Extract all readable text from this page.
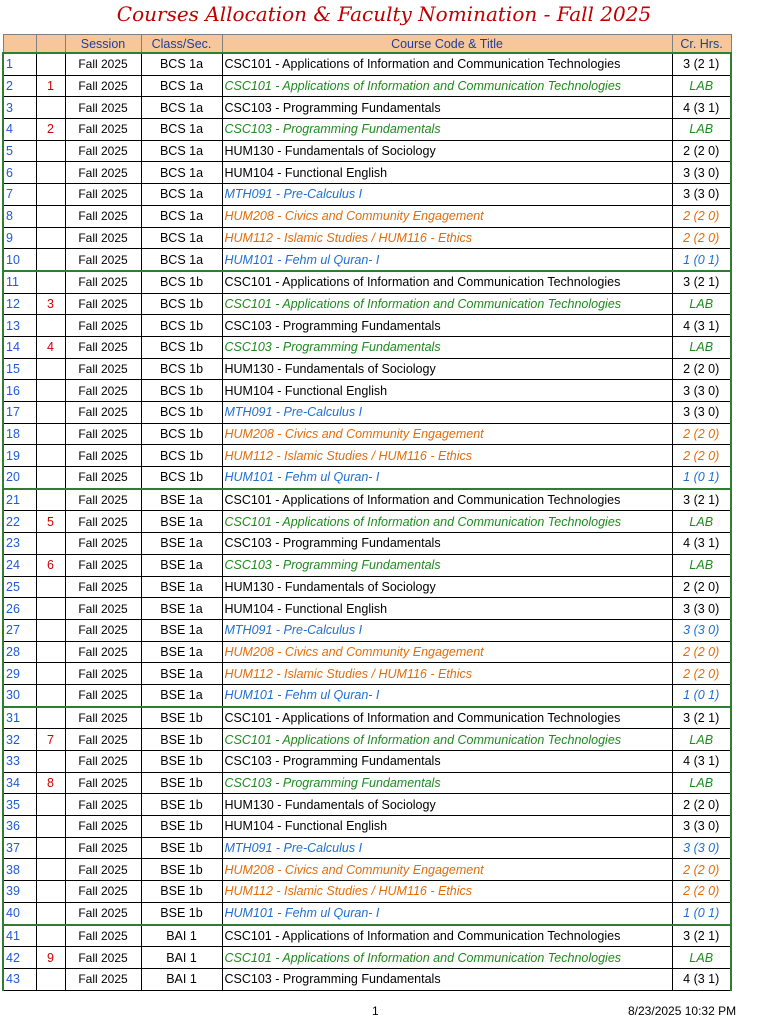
Courses Allocation & Faculty Nomination - Fall 2025
		Session	Class/Sec.	Course Code & Title	Cr. Hrs.
1		Fall 2025	BCS 1a	CSC101 - Applications of Information and Communication Technologies	3 (2 1)
2	1	Fall 2025	BCS 1a	CSC101 - Applications of Information and Communication Technologies	LAB
3		Fall 2025	BCS 1a	CSC103 - Programming Fundamentals	4 (3 1)
4	2	Fall 2025	BCS 1a	CSC103 - Programming Fundamentals	LAB
5		Fall 2025	BCS 1a	HUM130 - Fundamentals of Sociology	2 (2 0)
6		Fall 2025	BCS 1a	HUM104 - Functional English	3 (3 0)
7		Fall 2025	BCS 1a	MTH091 - Pre-Calculus I	3 (3 0)
8		Fall 2025	BCS 1a	HUM208 - Civics and Community Engagement	2 (2 0)
9		Fall 2025	BCS 1a	HUM112 - Islamic Studies / HUM116 - Ethics	2 (2 0)
10		Fall 2025	BCS 1a	HUM101 - Fehm ul Quran- I	1 (0 1)
11		Fall 2025	BCS 1b	CSC101 - Applications of Information and Communication Technologies	3 (2 1)
12	3	Fall 2025	BCS 1b	CSC101 - Applications of Information and Communication Technologies	LAB
13		Fall 2025	BCS 1b	CSC103 - Programming Fundamentals	4 (3 1)
14	4	Fall 2025	BCS 1b	CSC103 - Programming Fundamentals	LAB
15		Fall 2025	BCS 1b	HUM130 - Fundamentals of Sociology	2 (2 0)
16		Fall 2025	BCS 1b	HUM104 - Functional English	3 (3 0)
17		Fall 2025	BCS 1b	MTH091 - Pre-Calculus I	3 (3 0)
18		Fall 2025	BCS 1b	HUM208 - Civics and Community Engagement	2 (2 0)
19		Fall 2025	BCS 1b	HUM112 - Islamic Studies / HUM116 - Ethics	2 (2 0)
20		Fall 2025	BCS 1b	HUM101 - Fehm ul Quran- I	1 (0 1)
21		Fall 2025	BSE 1a	CSC101 - Applications of Information and Communication Technologies	3 (2 1)
22	5	Fall 2025	BSE 1a	CSC101 - Applications of Information and Communication Technologies	LAB
23		Fall 2025	BSE 1a	CSC103 - Programming Fundamentals	4 (3 1)
24	6	Fall 2025	BSE 1a	CSC103 - Programming Fundamentals	LAB
25		Fall 2025	BSE 1a	HUM130 - Fundamentals of Sociology	2 (2 0)
26		Fall 2025	BSE 1a	HUM104 - Functional English	3 (3 0)
27		Fall 2025	BSE 1a	MTH091 - Pre-Calculus I	3 (3 0)
28		Fall 2025	BSE 1a	HUM208 - Civics and Community Engagement	2 (2 0)
29		Fall 2025	BSE 1a	HUM112 - Islamic Studies / HUM116 - Ethics	2 (2 0)
30		Fall 2025	BSE 1a	HUM101 - Fehm ul Quran- I	1 (0 1)
31		Fall 2025	BSE 1b	CSC101 - Applications of Information and Communication Technologies	3 (2 1)
32	7	Fall 2025	BSE 1b	CSC101 - Applications of Information and Communication Technologies	LAB
33		Fall 2025	BSE 1b	CSC103 - Programming Fundamentals	4 (3 1)
34	8	Fall 2025	BSE 1b	CSC103 - Programming Fundamentals	LAB
35		Fall 2025	BSE 1b	HUM130 - Fundamentals of Sociology	2 (2 0)
36		Fall 2025	BSE 1b	HUM104 - Functional English	3 (3 0)
37		Fall 2025	BSE 1b	MTH091 - Pre-Calculus I	3 (3 0)
38		Fall 2025	BSE 1b	HUM208 - Civics and Community Engagement	2 (2 0)
39		Fall 2025	BSE 1b	HUM112 - Islamic Studies / HUM116 - Ethics	2 (2 0)
40		Fall 2025	BSE 1b	HUM101 - Fehm ul Quran- I	1 (0 1)
41		Fall 2025	BAI 1	CSC101 - Applications of Information and Communication Technologies	3 (2 1)
42	9	Fall 2025	BAI 1	CSC101 - Applications of Information and Communication Technologies	LAB
43		Fall 2025	BAI 1	CSC103 - Programming Fundamentals	4 (3 1)
1	8/23/2025 10:32 PM
